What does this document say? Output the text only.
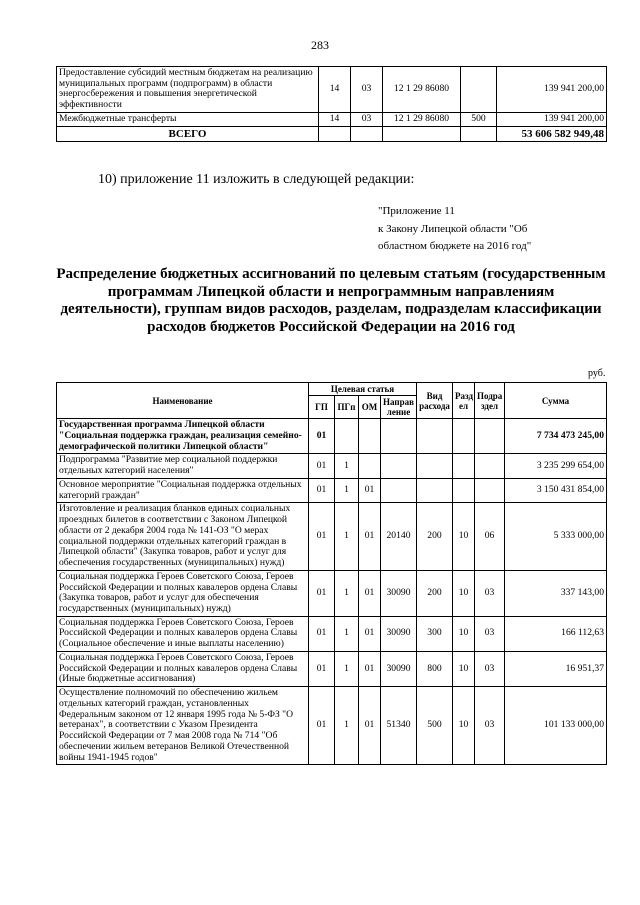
283
Предоставление субсидий местным бюджетам на реализацию муниципальных программ (подпрограмм) в области энергосбережения и повышения энергетической эффективности	14	03	12 1 29 86080		139 941 200,00
Межбюджетные трансферты	14	03	12 1 29 86080	500	139 941 200,00
ВСЕГО					53 606 582 949,48
10) приложение 11 изложить в следующей редакции:
"Приложение 11
к Закону Липецкой области "Об
областном бюджете на 2016 год"
Распределение бюджетных ассигнований по целевым статьям (государственным программам Липецкой области и непрограммным направлениям деятельности), группам видов расходов, разделам, подразделам классификации расходов бюджетов Российской Федерации на 2016 год
руб.
Наименование	Целевая статья				Вид расхода	Разд ел	Подра здел	Сумма
	ГП	ПГп	ОМ	Направ ление				
Государственная программа Липецкой области "Социальная поддержка граждан, реализация семейно-демографической политики Липецкой области"	01							7 734 473 245,00
Подпрограмма "Развитие мер социальной поддержки отдельных категорий населения"	01	1						3 235 299 654,00
Основное мероприятие "Социальная поддержка отдельных категорий граждан"	01	1	01					3 150 431 854,00
Изготовление и реализация бланков единых социальных проездных билетов в соответствии с Законом Липецкой области от 2 декабря 2004 года № 141-ОЗ "О мерах социальной поддержки отдельных категорий граждан в Липецкой области" (Закупка товаров, работ и услуг для обеспечения государственных (муниципальных) нужд)	01	1	01	20140	200	10	06	5 333 000,00
Социальная поддержка Героев Советского Союза, Героев Российской Федерации и полных кавалеров ордена Славы (Закупка товаров, работ и услуг для обеспечения государственных (муниципальных) нужд)	01	1	01	30090	200	10	03	337 143,00
Социальная поддержка Героев Советского Союза, Героев Российской Федерации и полных кавалеров ордена Славы (Социальное обеспечение и иные выплаты населению)	01	1	01	30090	300	10	03	166 112,63
Социальная поддержка Героев Советского Союза, Героев Российской Федерации и полных кавалеров ордена Славы (Иные бюджетные ассигнования)	01	1	01	30090	800	10	03	16 951,37
Осуществление полномочий по обеспечению жильем отдельных категорий граждан, установленных Федеральным законом от 12 января 1995 года № 5-ФЗ "О ветеранах", в соответствии с Указом Президента Российской Федерации от 7 мая 2008 года № 714 "Об обеспечении жильем ветеранов Великой Отечественной войны 1941-1945 годов"	01	1	01	51340	500	10	03	101 133 000,00
